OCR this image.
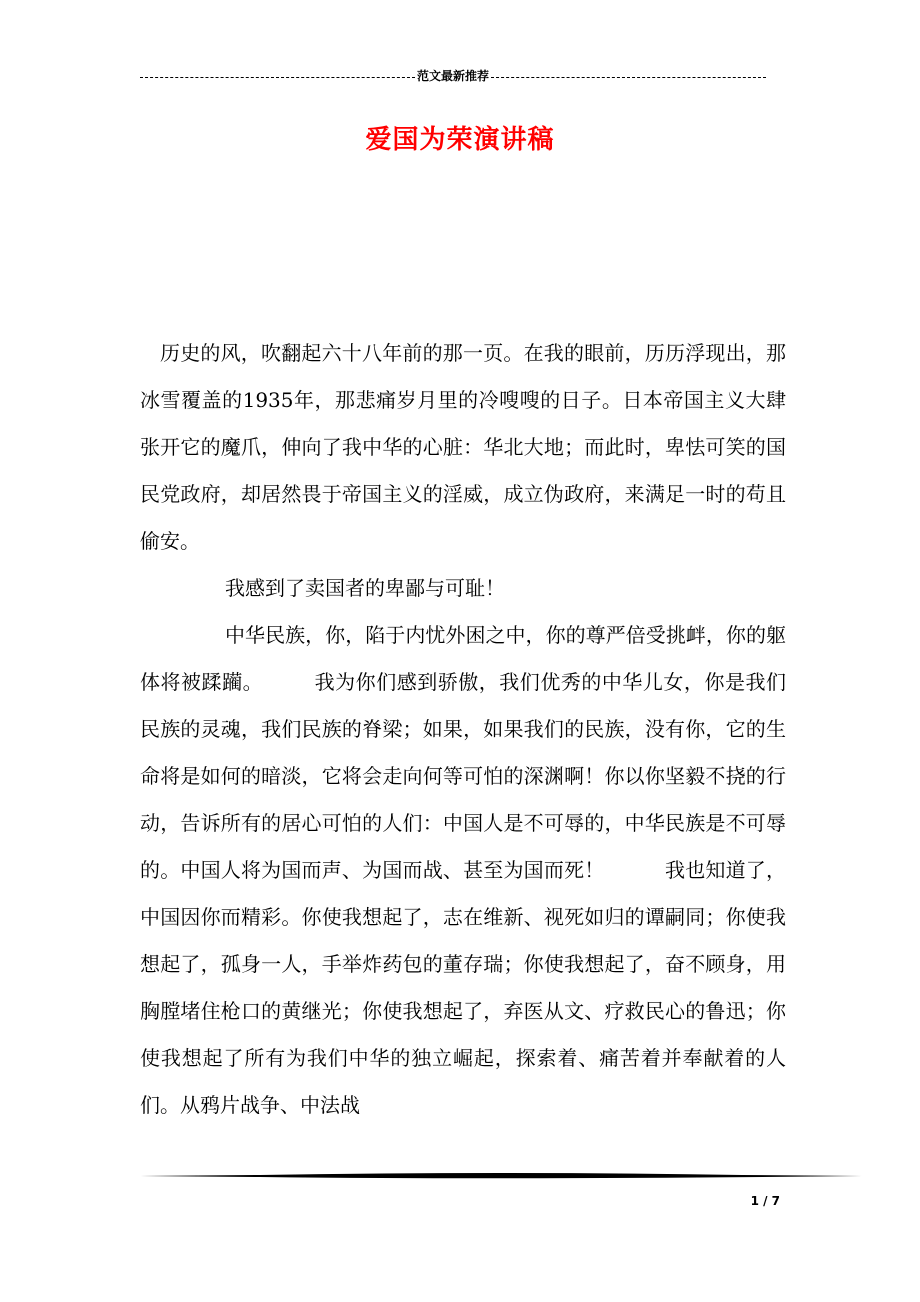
范文最新推荐
爱国为荣演讲稿

历史的风，吹翻起六十八年前的那一页。在我的眼前，历历浮现出，那冰雪覆盖的1935年，那悲痛岁月里的冷嗖嗖的日子。日本帝国主义大肆张开它的魔爪，伸向了我中华的心脏：华北大地；而此时，卑怯可笑的国民党政府，却居然畏于帝国主义的淫威，成立伪政府，来满足一时的苟且偷安。

我感到了卖国者的卑鄙与可耻！

中华民族，你，陷于内忧外困之中，你的尊严倍受挑衅，你的躯体将被蹂躏。　　　我为你们感到骄傲，我们优秀的中华儿女，你是我们民族的灵魂，我们民族的脊梁；如果，如果我们的民族，没有你，它的生命将是如何的暗淡，它将会走向何等可怕的深渊啊！你以你坚毅不挠的行动，告诉所有的居心可怕的人们：中国人是不可辱的，中华民族是不可辱的。中国人将为国而声、为国而战、甚至为国而死！　　　我也知道了，中国因你而精彩。你使我想起了，志在维新、视死如归的谭嗣同；你使我想起了，孤身一人，手举炸药包的董存瑞；你使我想起了，奋不顾身，用胸膛堵住枪口的黄继光；你使我想起了，弃医从文、疗救民心的鲁迅；你使我想起了所有为我们中华的独立崛起，探索着、痛苦着并奉献着的人们。从鸦片战争、中法战

1 / 7
